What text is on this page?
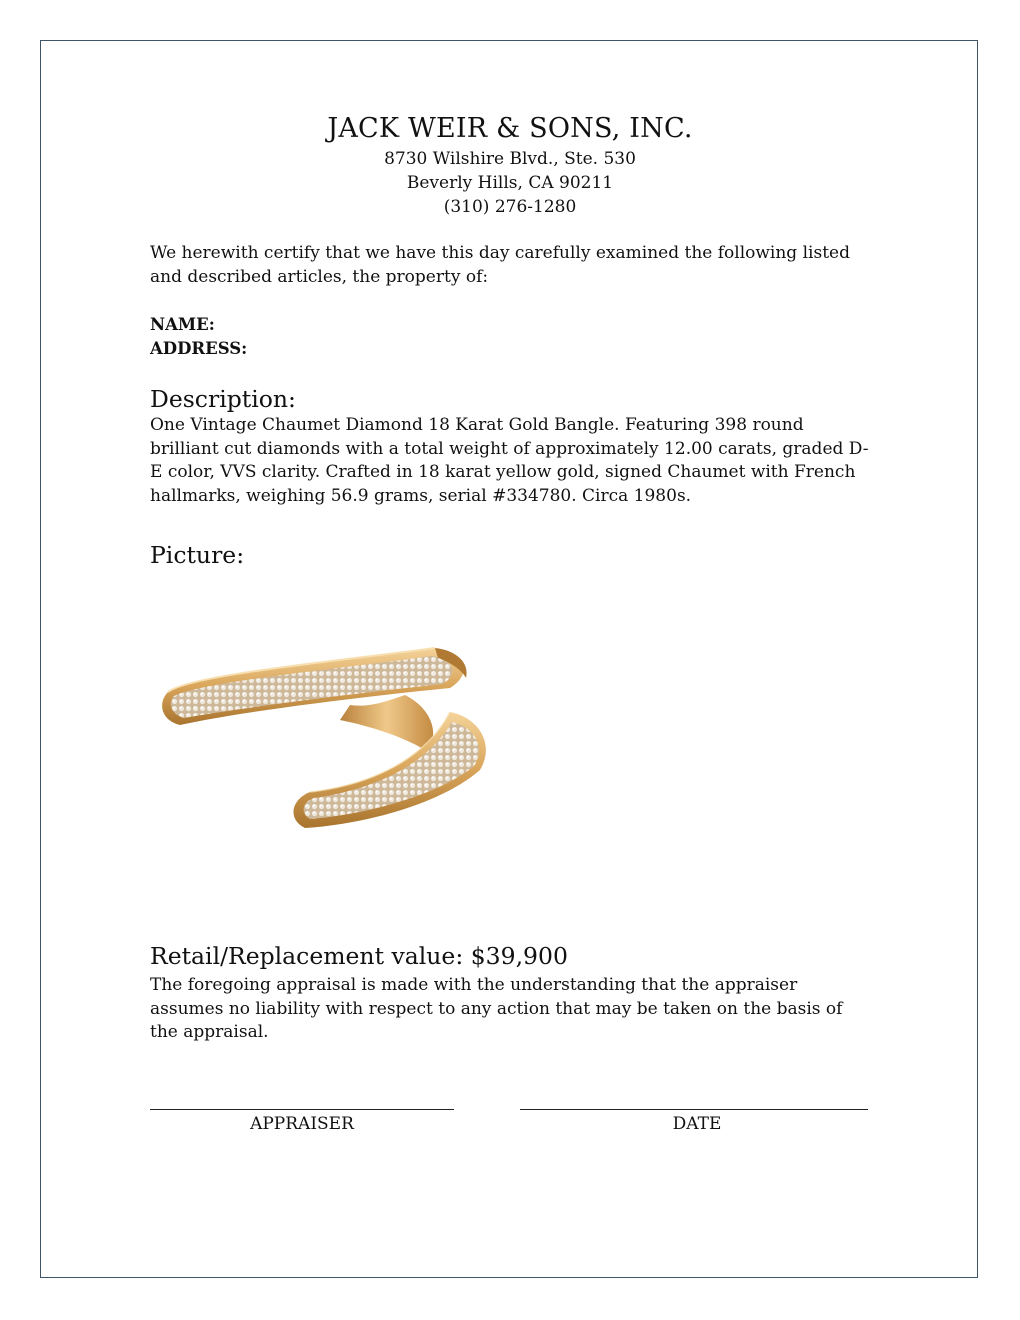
JACK WEIR & SONS, INC.
8730 Wilshire Blvd., Ste. 530
Beverly Hills, CA 90211
(310) 276-1280
We herewith certify that we have this day carefully examined the following listed and described articles, the property of:
NAME:
ADDRESS:
Description:
One Vintage Chaumet Diamond 18 Karat Gold Bangle. Featuring 398 round brilliant cut diamonds with a total weight of approximately 12.00 carats, graded D-E color, VVS clarity. Crafted in 18 karat yellow gold, signed Chaumet with French hallmarks, weighing 56.9 grams, serial #334780. Circa 1980s.
Picture:
Retail/Replacement value: $39,900
The foregoing appraisal is made with the understanding that the appraiser assumes no liability with respect to any action that may be taken on the basis of the appraisal.
APPRAISER	DATE
